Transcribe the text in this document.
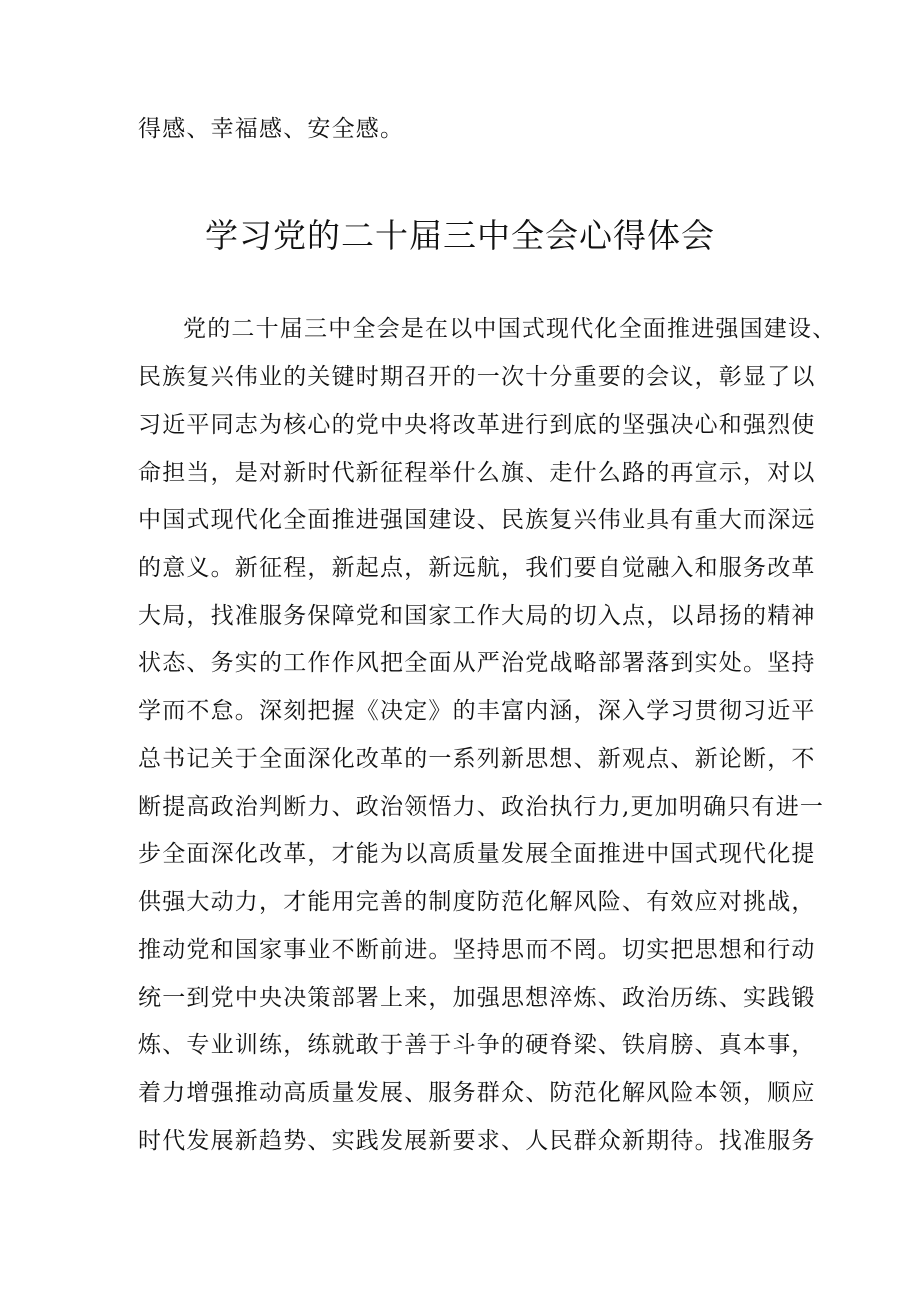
得感、幸福感、安全感。
学习党的二十届三中全会心得体会
党的二十届三中全会是在以中国式现代化全面推进强国建设、
民族复兴伟业的关键时期召开的一次十分重要的会议，彰显了以
习近平同志为核心的党中央将改革进行到底的坚强决心和强烈使
命担当，是对新时代新征程举什么旗、走什么路的再宣示，对以
中国式现代化全面推进强国建设、民族复兴伟业具有重大而深远
的意义。新征程，新起点，新远航，我们要自觉融入和服务改革
大局，找准服务保障党和国家工作大局的切入点，以昂扬的精神
状态、务实的工作作风把全面从严治党战略部署落到实处。坚持
学而不怠。深刻把握《决定》的丰富内涵，深入学习贯彻习近平
总书记关于全面深化改革的一系列新思想、新观点、新论断，不
断提高政治判断力、政治领悟力、政治执行力,更加明确只有进一
步全面深化改革，才能为以高质量发展全面推进中国式现代化提
供强大动力，才能用完善的制度防范化解风险、有效应对挑战，
推动党和国家事业不断前进。坚持思而不罔。切实把思想和行动
统一到党中央决策部署上来，加强思想淬炼、政治历练、实践锻
炼、专业训练，练就敢于善于斗争的硬脊梁、铁肩膀、真本事，
着力增强推动高质量发展、服务群众、防范化解风险本领，顺应
时代发展新趋势、实践发展新要求、人民群众新期待。找准服务
